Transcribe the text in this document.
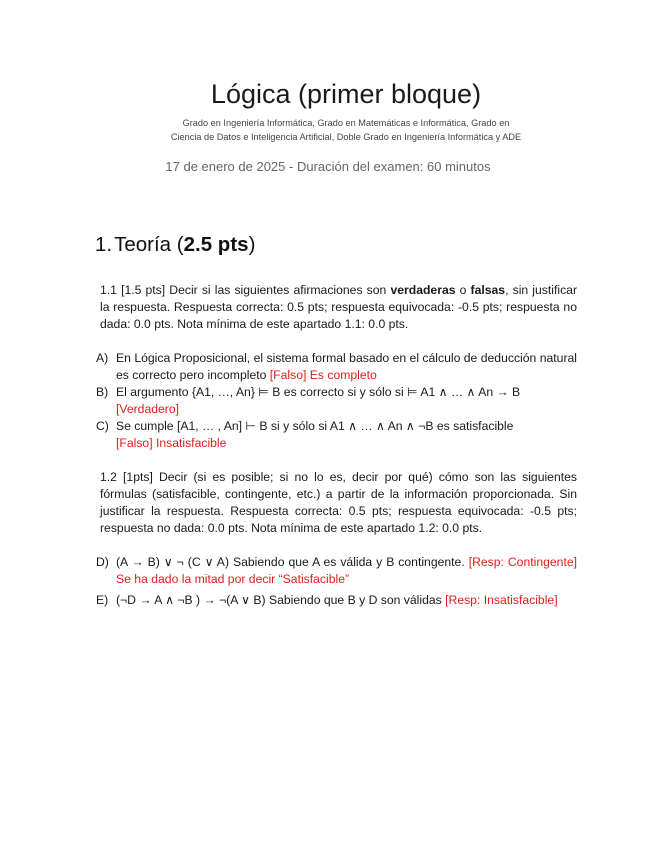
Lógica (primer bloque)
Grado en Ingeniería Informática, Grado en Matemáticas e Informática, Grado en
Ciencia de Datos e Inteligencia Artificial, Doble Grado en Ingeniería Informática y ADE
17 de enero de 2025 - Duración del examen: 60 minutos
1.Teoría (2.5 pts)
1.1 [1.5 pts] Decir si las siguientes afirmaciones son verdaderas o falsas, sin justificar la respuesta. Respuesta correcta: 0.5 pts; respuesta equivocada: -0.5 pts; respuesta no dada: 0.0 pts. Nota mínima de este apartado 1.1: 0.0 pts.
A) En Lógica Proposicional, el sistema formal basado en el cálculo de deducción natural es correcto pero incompleto [Falso] Es completo
B) El argumento {A1, …, An} ⊨ B es correcto si y sólo si ⊨ A1 ∧ … ∧ An → B
[Verdadero]
C) Se cumple [A1, … , An] ⊢ B si y sólo si A1 ∧ … ∧ An ∧ ¬B es satisfacible
[Falso] Insatisfacible
1.2 [1pts] Decir (si es posible; si no lo es, decir por qué) cómo son las siguientes fórmulas (satisfacible, contingente, etc.) a partir de la información proporcionada. Sin justificar la respuesta. Respuesta correcta: 0.5 pts; respuesta equivocada: -0.5 pts; respuesta no dada: 0.0 pts. Nota mínima de este apartado 1.2: 0.0 pts.
D) (A → B) ∨ ¬ (C ∨ A) Sabiendo que A es válida y B contingente. [Resp: Contingente] Se ha dado la mitad por decir “Satisfacible”
E) (¬D → A ∧ ¬B ) → ¬(A ∨ B) Sabiendo que B y D son válidas [Resp: Insatisfacible]
